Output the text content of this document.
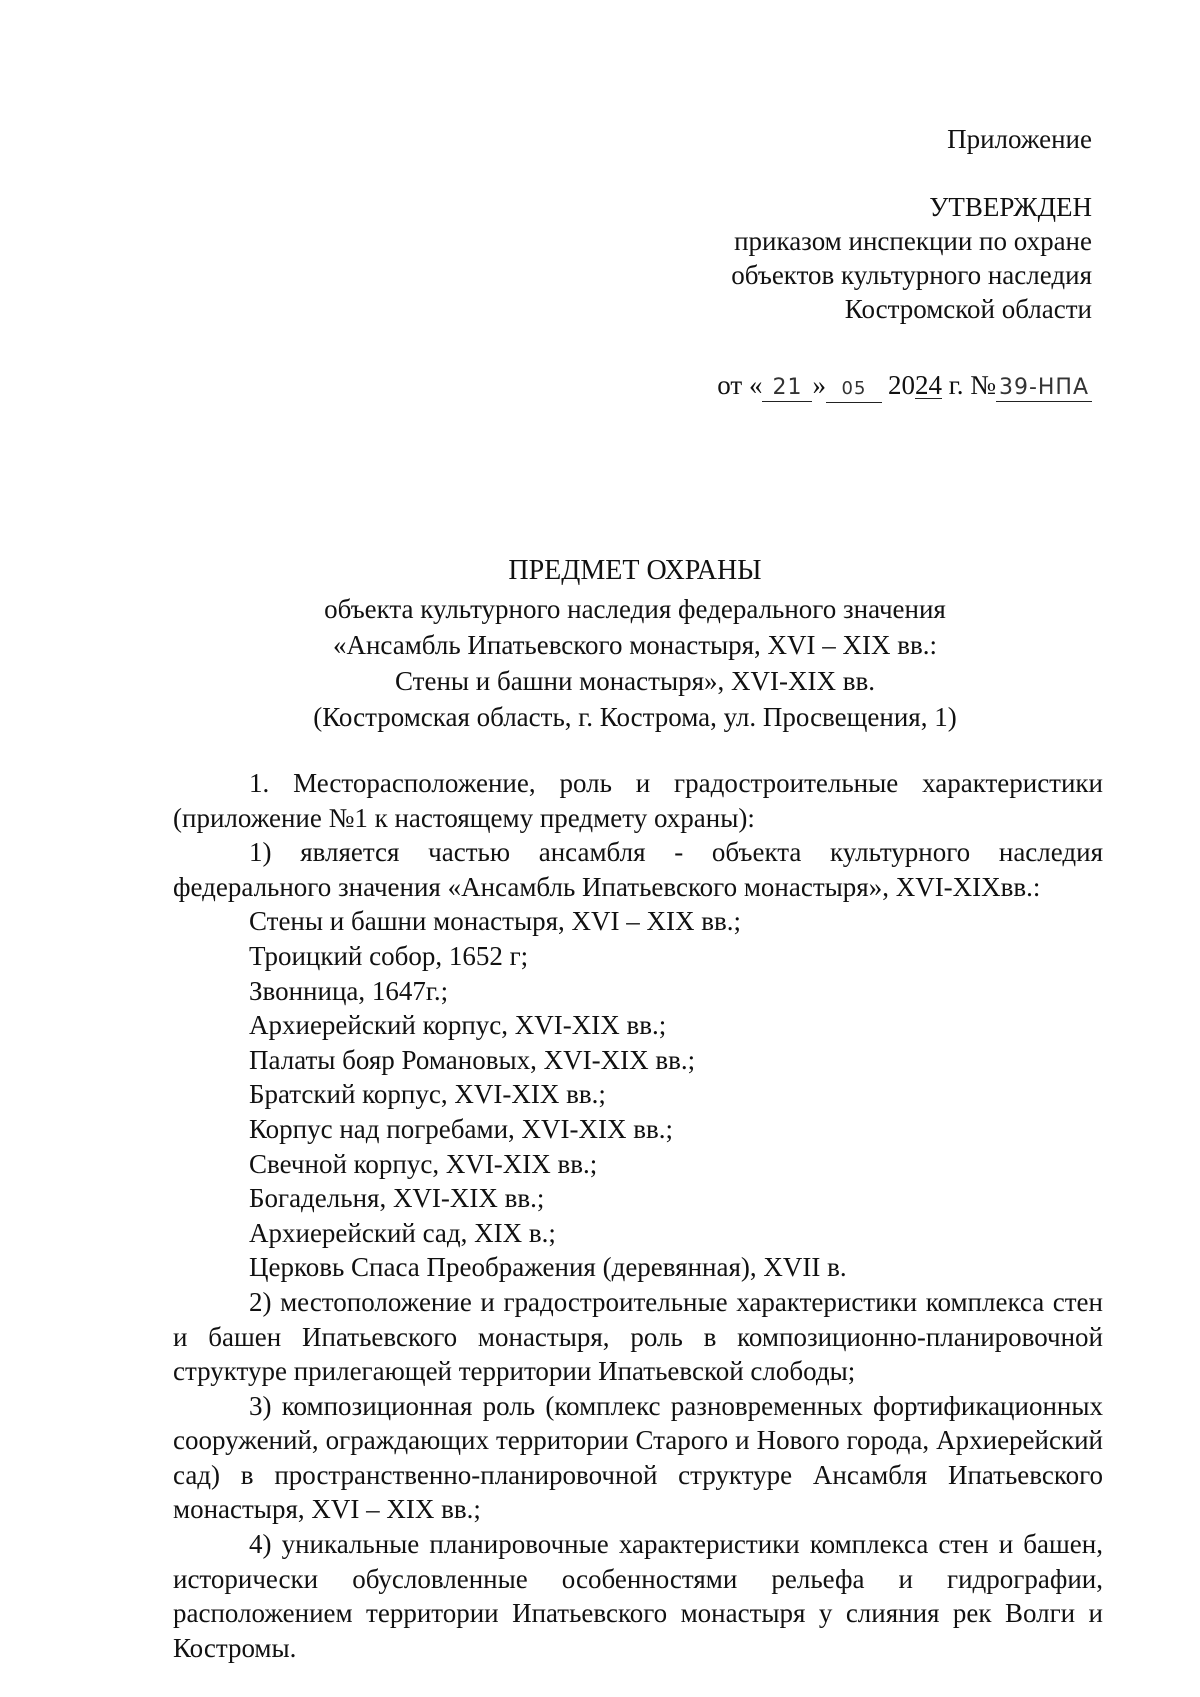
Приложение
УТВЕРЖДЕН
приказом инспекции по охране
объектов культурного наследия
Костромской области
от « 21 » 05 2024 г. № 39-НПА
ПРЕДМЕТ ОХРАНЫ
объекта культурного наследия федерального значения
«Ансамбль Ипатьевского монастыря, XVI – XIX вв.:
Стены и башни монастыря», XVI-XIX вв.
(Костромская область, г. Кострома, ул. Просвещения, 1)

1. Месторасположение, роль и градостроительные характеристики (приложение №1 к настоящему предмету охраны):

1) является частью ансамбля - объекта культурного наследия федерального значения «Ансамбль Ипатьевского монастыря», XVI-XIXвв.:

Стены и башни монастыря, XVI – XIX вв.;

Троицкий собор, 1652 г;

Звонница, 1647г.;

Архиерейский корпус, XVI-XIX вв.;

Палаты бояр Романовых, XVI-XIX вв.;

Братский корпус, XVI-XIX вв.;

Корпус над погребами, XVI-XIX вв.;

Свечной корпус, XVI-XIX вв.;

Богадельня, XVI-XIX вв.;

Архиерейский сад, XIX в.;

Церковь Спаса Преображения (деревянная), XVII в.

2) местоположение и градостроительные характеристики комплекса стен и башен Ипатьевского монастыря, роль в композиционно-планировочной структуре прилегающей территории Ипатьевской слободы;

3) композиционная роль (комплекс разновременных фортификационных сооружений, ограждающих территории Старого и Нового города, Архиерейский сад) в пространственно-планировочной структуре Ансамбля Ипатьевского монастыря, XVI – XIX вв.;

4) уникальные планировочные характеристики комплекса стен и башен, исторически обусловленные особенностями рельефа и гидрографии, расположением территории Ипатьевского монастыря у слияния рек Волги и Костромы.
